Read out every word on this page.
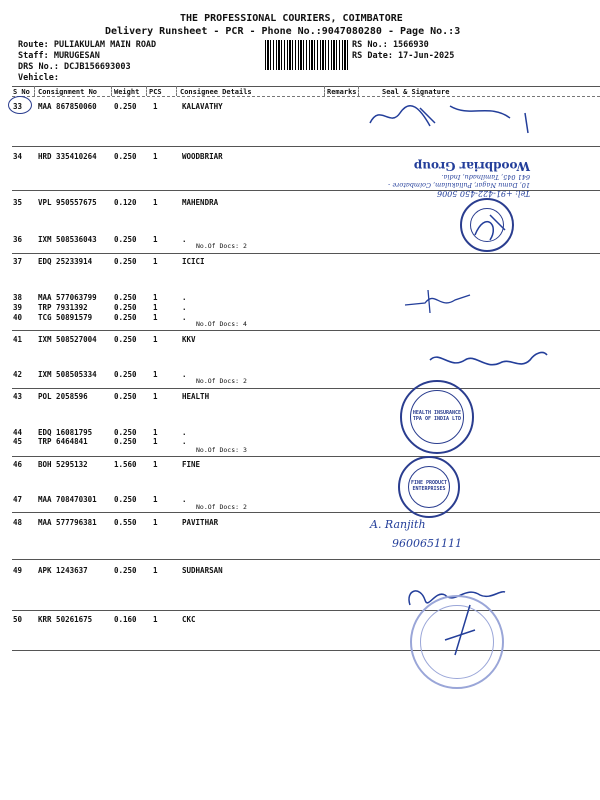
THE PROFESSIONAL COURIERS, COIMBATORE
Delivery Runsheet - PCR - Phone No.:9047080280 - Page No.:3
Route: PULIAKULAM MAIN ROAD
Staff: MURUGESAN
DRS No.: DCJB156693003
Vehicle:
RS No.: 1566930
RS Date: 17-Jun-2025
S No Consignment No Weight PCS	Consignee Details	Remarks	Seal & Signature
33 MAA 867850060 0.250 1	KALAVATHY
34 HRD 335410264 0.250 1	WOODBRIAR
35 VPL 950557675 0.120 1	MAHENDRA
36 IXM 508536043 0.250 1	.
No.Of Docs: 2
37 EDQ 25233914	0.250 1	ICICI
38 MAA 577063799 0.250 1	.
39 TRP 7931392	0.250 1	.
40 TCG 50891579	0.250 1	.
No.Of Docs: 4
41 IXM 508527004 0.250 1	KKV
42 IXM 508505334 0.250 1	.
No.Of Docs: 2
43 POL 2058596	0.250 1	HEALTH
44 EDQ 16081795	0.250 1	.
45 TRP 6464841	0.250 1	.
No.Of Docs: 3
46 BOH 5295132	1.560 1	FINE
47 MAA 708470301 0.250 1	.
No.Of Docs: 2
48 MAA 577796381 0.550 1	PAVITHAR
49 APK 1243637	0.250 1	SUDHARSAN
50 KRR 50261675	0.160 1	CKC
Tel: +91-422-450 5006
10, Damu Nagar, Puliakulam, Coimbatore - 641 045, Tamilnadu, India.
Woodbriar Group
HEALTH INSURANCE TPA OF INDIA LTD
FINE PRODUCT ENTERPRISES
A. Ranjith
9600651111
